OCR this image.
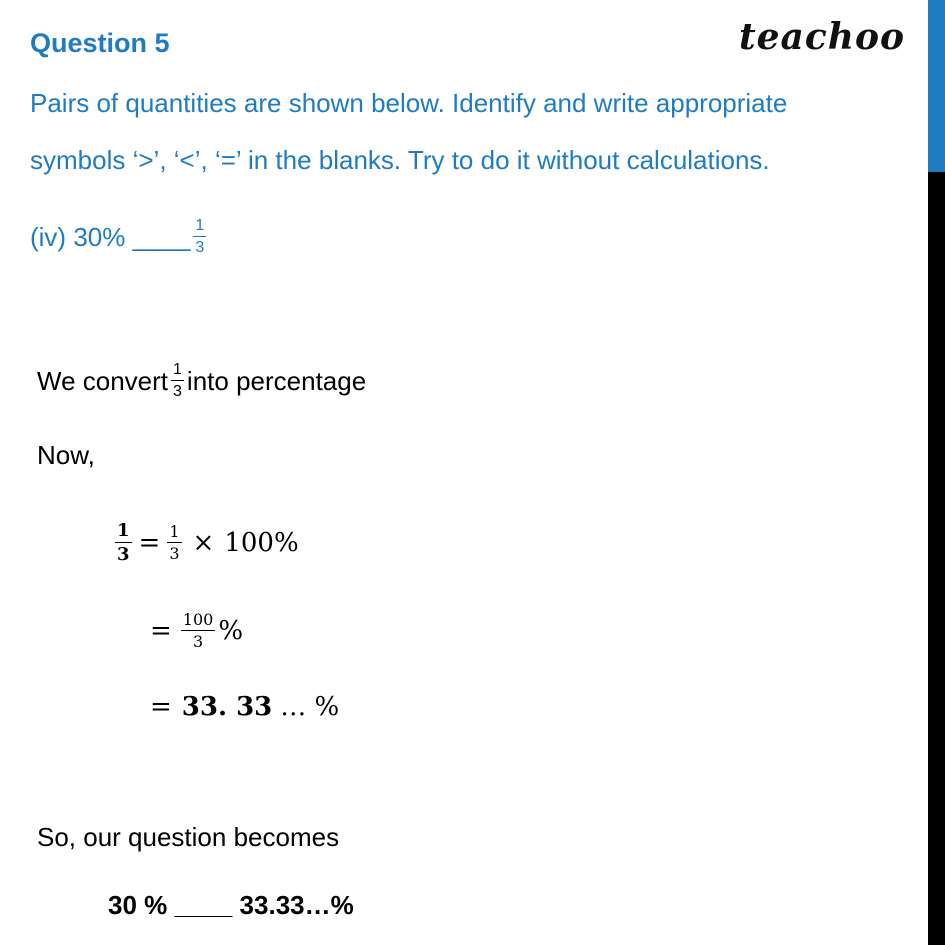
Question 5	teachoo
Pairs of quantities are shown below. Identify and write appropriate
symbols ‘>’, ‘<’, ‘=’ in the blanks. Try to do it without calculations.
(iv) 30% ____ $\frac{1}{3}$
We convert $\frac{1}{3}$ into percentage
Now,
$\frac{1}{3} = \frac{1}{3} \times 100\%$
= $\frac{100}{3}$ %
= 33. 33 … %
So, our question becomes
30 % ____ 33.33…%
